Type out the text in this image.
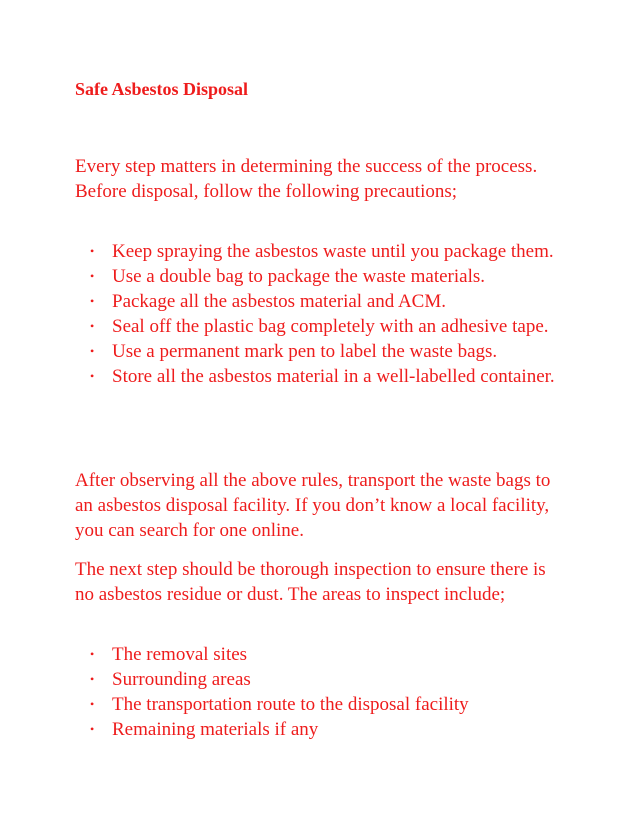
Safe Asbestos Disposal

Every step matters in determining the success of the process. Before disposal, follow the following precautions;

• Keep spraying the asbestos waste until you package them.
• Use a double bag to package the waste materials.
• Package all the asbestos material and ACM.
• Seal off the plastic bag completely with an adhesive tape.
• Use a permanent mark pen to label the waste bags.
• Store all the asbestos material in a well-labelled container.

After observing all the above rules, transport the waste bags to an asbestos disposal facility. If you don’t know a local facility, you can search for one online.

The next step should be thorough inspection to ensure there is no asbestos residue or dust. The areas to inspect include;

• The removal sites
• Surrounding areas
• The transportation route to the disposal facility
• Remaining materials if any
